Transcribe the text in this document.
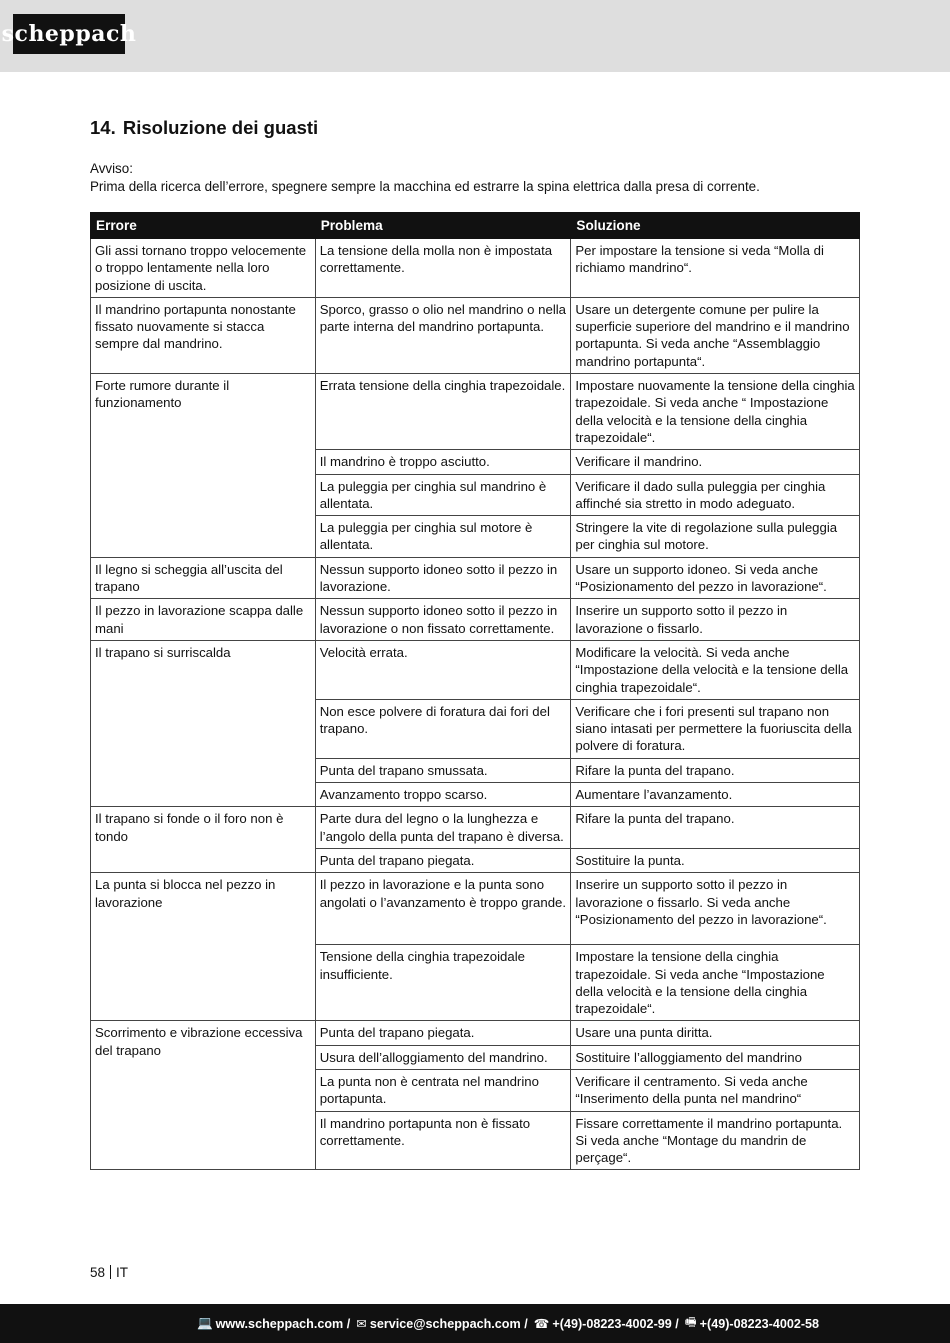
scheppach
14. Risoluzione dei guasti
Avviso:
Prima della ricerca dell’errore, spegnere sempre la macchina ed estrarre la spina elettrica dalla presa di corrente.
Errore	Problema	Soluzione
Gli assi tornano troppo velocemente o troppo lentamente nella loro posizione di uscita.	La tensione della molla non è impostata correttamente.	Per impostare la tensione si veda “Molla di richiamo mandrino“.
Il mandrino portapunta nonostante fissato nuovamente si stacca sempre dal mandrino.	Sporco, grasso o olio nel mandrino o nella parte interna del mandrino portapunta.	Usare un detergente comune per pulire la superficie superiore del mandrino e il mandrino portapunta. Si veda anche “Assemblaggio mandrino portapunta“.
Forte rumore durante il funzionamento	Errata tensione della cinghia trapezoidale.	Impostare nuovamente la tensione della cinghia trapezoidale. Si veda anche “ Impostazione della velocità e la tensione della cinghia trapezoidale“.
	Il mandrino è troppo asciutto.	Verificare il mandrino.
	La puleggia per cinghia sul mandrino è allentata.	Verificare il dado sulla puleggia per cinghia affinché sia stretto in modo adeguato.
	La puleggia per cinghia sul motore è allentata.	Stringere la vite di regolazione sulla puleggia per cinghia sul motore.
Il legno si scheggia all’uscita del trapano	Nessun supporto idoneo sotto il pezzo in lavorazione.	Usare un supporto idoneo. Si veda anche “Posizionamento del pezzo in lavorazione“.
Il pezzo in lavorazione scappa dalle mani	Nessun supporto idoneo sotto il pezzo in lavorazione o non fissato correttamente.	Inserire un supporto sotto il pezzo in lavorazione o fissarlo.
Il trapano si surriscalda	Velocità errata.	Modificare la velocità. Si veda anche “Impostazione della velocità e la tensione della cinghia trapezoidale“.
	Non esce polvere di foratura dai fori del trapano.	Verificare che i fori presenti sul trapano non siano intasati per permettere la fuoriuscita della polvere di foratura.
	Punta del trapano smussata.	Rifare la punta del trapano.
	Avanzamento troppo scarso.	Aumentare l’avanzamento.
Il trapano si fonde o il foro non è tondo	Parte dura del legno o la lunghezza e l’angolo della punta del trapano è diversa.	Rifare la punta del trapano.
	Punta del trapano piegata.	Sostituire la punta.
La punta si blocca nel pezzo in lavorazione	Il pezzo in lavorazione e la punta sono angolati o l’avanzamento è troppo grande.	Inserire un supporto sotto il pezzo in lavorazione o fissarlo. Si veda anche “Posizionamento del pezzo in lavorazione“.
	Tensione della cinghia trapezoidale insufficiente.	Impostare la tensione della cinghia trapezoidale. Si veda anche “Impostazione della velocità e la tensione della cinghia trapezoidale“.
Scorrimento e vibrazione eccessiva del trapano	Punta del trapano piegata.	Usare una punta diritta.
	Usura dell’alloggiamento del mandrino.	Sostituire l’alloggiamento del mandrino
	La punta non è centrata nel mandrino portapunta.	Verificare il centramento. Si veda anche “Inserimento della punta nel mandrino“
	Il mandrino portapunta non è fissato correttamente.	Fissare correttamente il mandrino portapunta. Si veda anche “Montage du mandrin de perçage“.
58 IT
💻 www.scheppach.com / ✉ service@scheppach.com / ☎ +(49)-08223-4002-99 / 🖷 +(49)-08223-4002-58
